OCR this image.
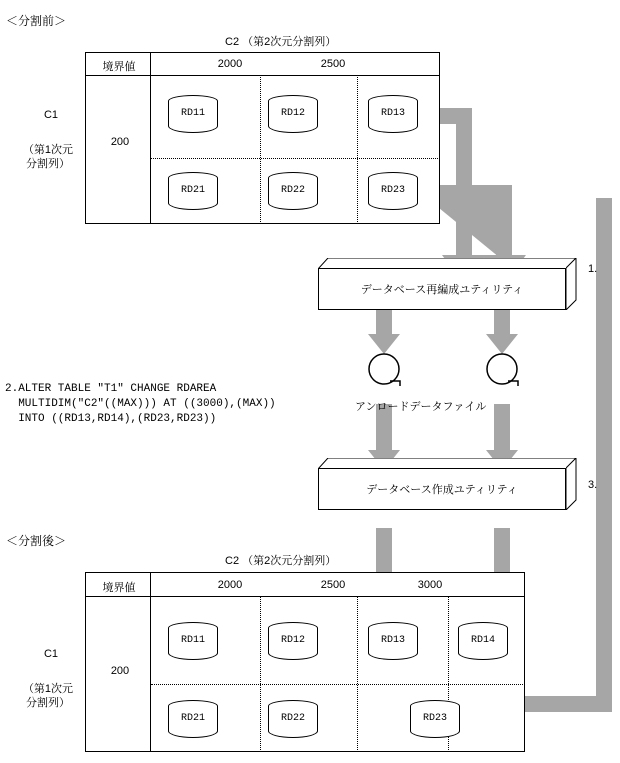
＜分割前＞
C2 （第2次元分割列）
境界値	2000	2500
C1
（第1次元
分割列）
200
RD11	RD12	RD13
RD21	RD22	RD23
データベース再編成ユティリティ
1.
アンロードデータファイル
2.ALTER TABLE "T1" CHANGE RDAREA
MULTIDIM("C2"((MAX))) AT ((3000),(MAX))
INTO ((RD13,RD14),(RD23,RD23))
データベース作成ユティリティ	3.
＜分割後＞
C2 （第2次元分割列）
境界値	2000	2500	3000
C1
（第1次元
分割列）
200
RD11	RD12	RD13	RD14
RD21	RD22	RD23
